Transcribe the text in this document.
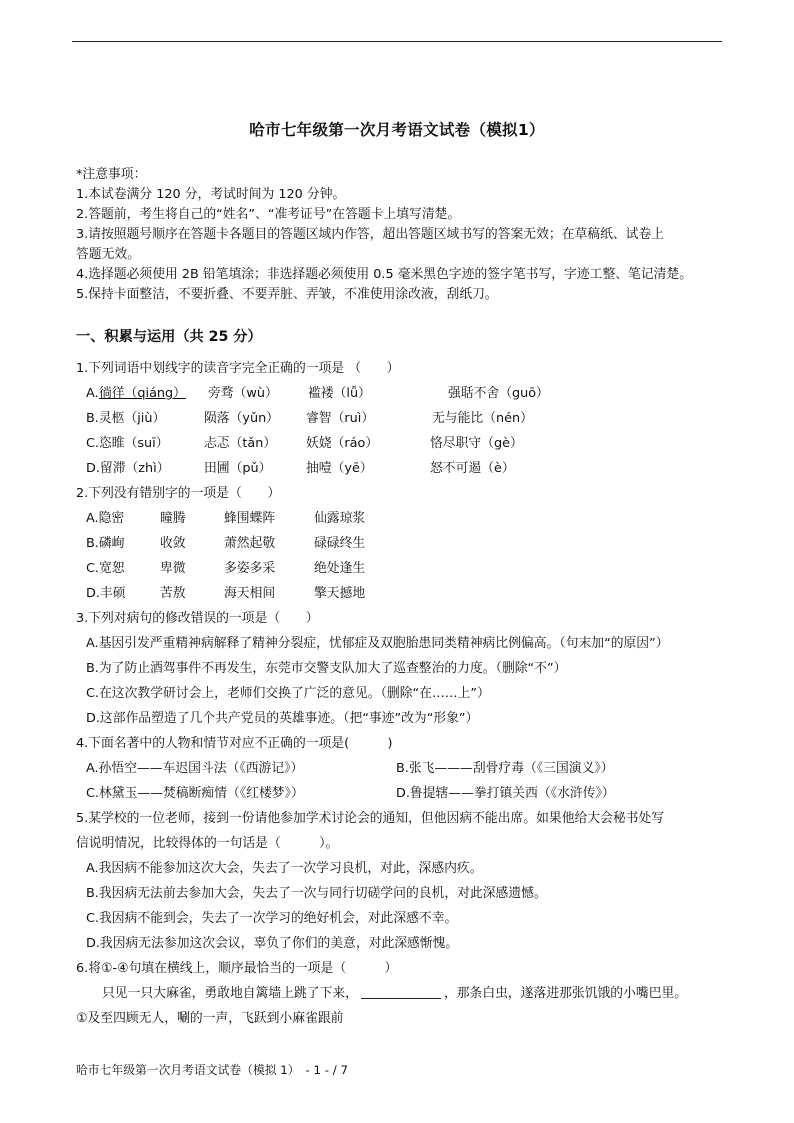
哈市七年级第一次月考语文试卷（模拟1）
*注意事项：
1.本试卷满分 120 分，考试时间为 120 分钟。
2.答题前，考生将自己的“姓名”、“准考证号”在答题卡上填写清楚。
3.请按照题号顺序在答题卡各题目的答题区域内作答，超出答题区域书写的答案无效；在草稿纸、试卷上
答题无效。
4.选择题必须使用 2B 铅笔填涂；非选择题必须使用 0.5 毫米黑色字迹的签字笔书写，字迹工整、笔记清楚。
5.保持卡面整洁，不要折叠、不要弄脏、弄皱，不准使用涂改液，刮纸刀。
一、积累与运用（共 25 分）
1.下列词语中划线字的读音字完全正确的一项是 （　　）
A. 徜徉（qiáng） 旁骛（wù） 褴褛（lǚ）	强聒不舍（guō）
B.灵柩（jiù）	陨落（yǔn） 睿智（ruì）	无与能比（nén）
C.恣睢（suī）	忐忑（tǎn） 妖娆（ráo）	恪尽职守（gè）
D.留滞（zhì）	田圃（pǔ）	抽噎（yē）	怒不可遏（è）
2.下列没有错别字的一项是（　　）
A.隐密	瞳腾	蜂围蝶阵	仙露琼浆
B.磷峋	收敛	萧然起敬	碌碌终生
C.宽恕	卑微	多姿多采	绝处逢生
D.丰硕	苦敖	海天相间	擎天撼地
3.下列对病句的修改错误的一项是（　　）
A.基因引发严重精神病解释了精神分裂症，忧郁症及双胞胎患同类精神病比例偏高。（句末加“的原因”）
B.为了防止酒驾事件不再发生，东莞市交警支队加大了巡查整治的力度。（删除“不”）
C.在这次教学研讨会上，老师们交换了广泛的意见。（删除“在……上”）
D.这部作品塑造了几个共产党员的英雄事迹。（把“事迹”改为“形象”）
4.下面名著中的人物和情节对应不正确的一项是(　　　)
A.孙悟空——车迟国斗法（《西游记》）	B.张飞———刮骨疗毒（《三国演义》）
C.林黛玉——焚稿断痴情（《红楼梦》）	D.鲁提辖——拳打镇关西（《水浒传》）
5.某学校的一位老师，接到一份请他参加学术讨论会的通知，但他因病不能出席。如果他给大会秘书处写
信说明情况，比较得体的一句话是（　　　）。
A.我因病不能参加这次大会，失去了一次学习良机，对此，深感内疚。
B.我因病无法前去参加大会，失去了一次与同行切磋学问的良机，对此深感遗憾。
C.我因病不能到会，失去了一次学习的绝好机会，对此深感不幸。
D.我因病无法参加这次会议，辜负了你们的美意，对此深感惭愧。
6.将①-④句填在横线上，顺序最恰当的一项是（　　　）
只见一只大麻雀，勇敢地自篱墙上跳了下来，	，那条白虫，遂落进那张饥饿的小嘴巴里。
①及至四顾无人，唰的一声，飞跃到小麻雀跟前
哈市七年级第一次月考语文试卷（模拟 1）　- 1 - / 7
